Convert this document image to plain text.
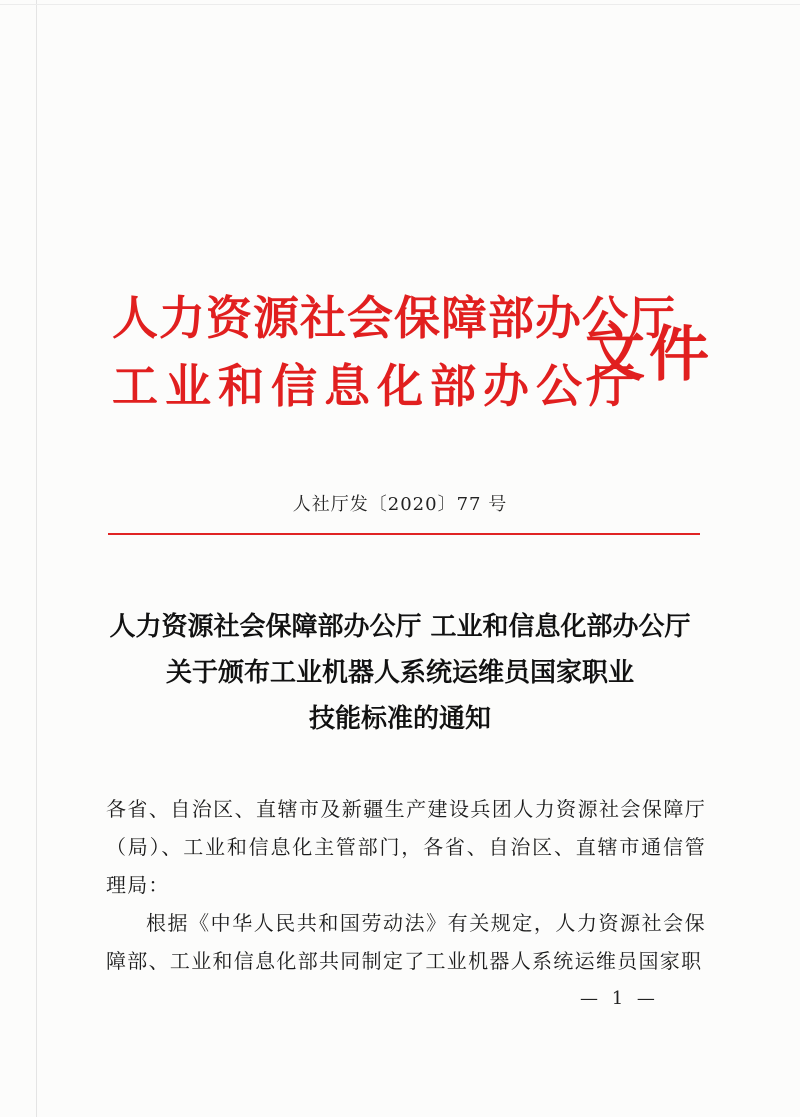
人力资源社会保障部办公厅
工业和信息化部办公厅
文件
人社厅发〔2020〕77 号
人力资源社会保障部办公厅 工业和信息化部办公厅
关于颁布工业机器人系统运维员国家职业
技能标准的通知
各省、自治区、直辖市及新疆生产建设兵团人力资源社会保障厅（局）、工业和信息化主管部门，各省、自治区、直辖市通信管理局：
根据《中华人民共和国劳动法》有关规定，人力资源社会保障部、工业和信息化部共同制定了工业机器人系统运维员国家职
— 1 —
